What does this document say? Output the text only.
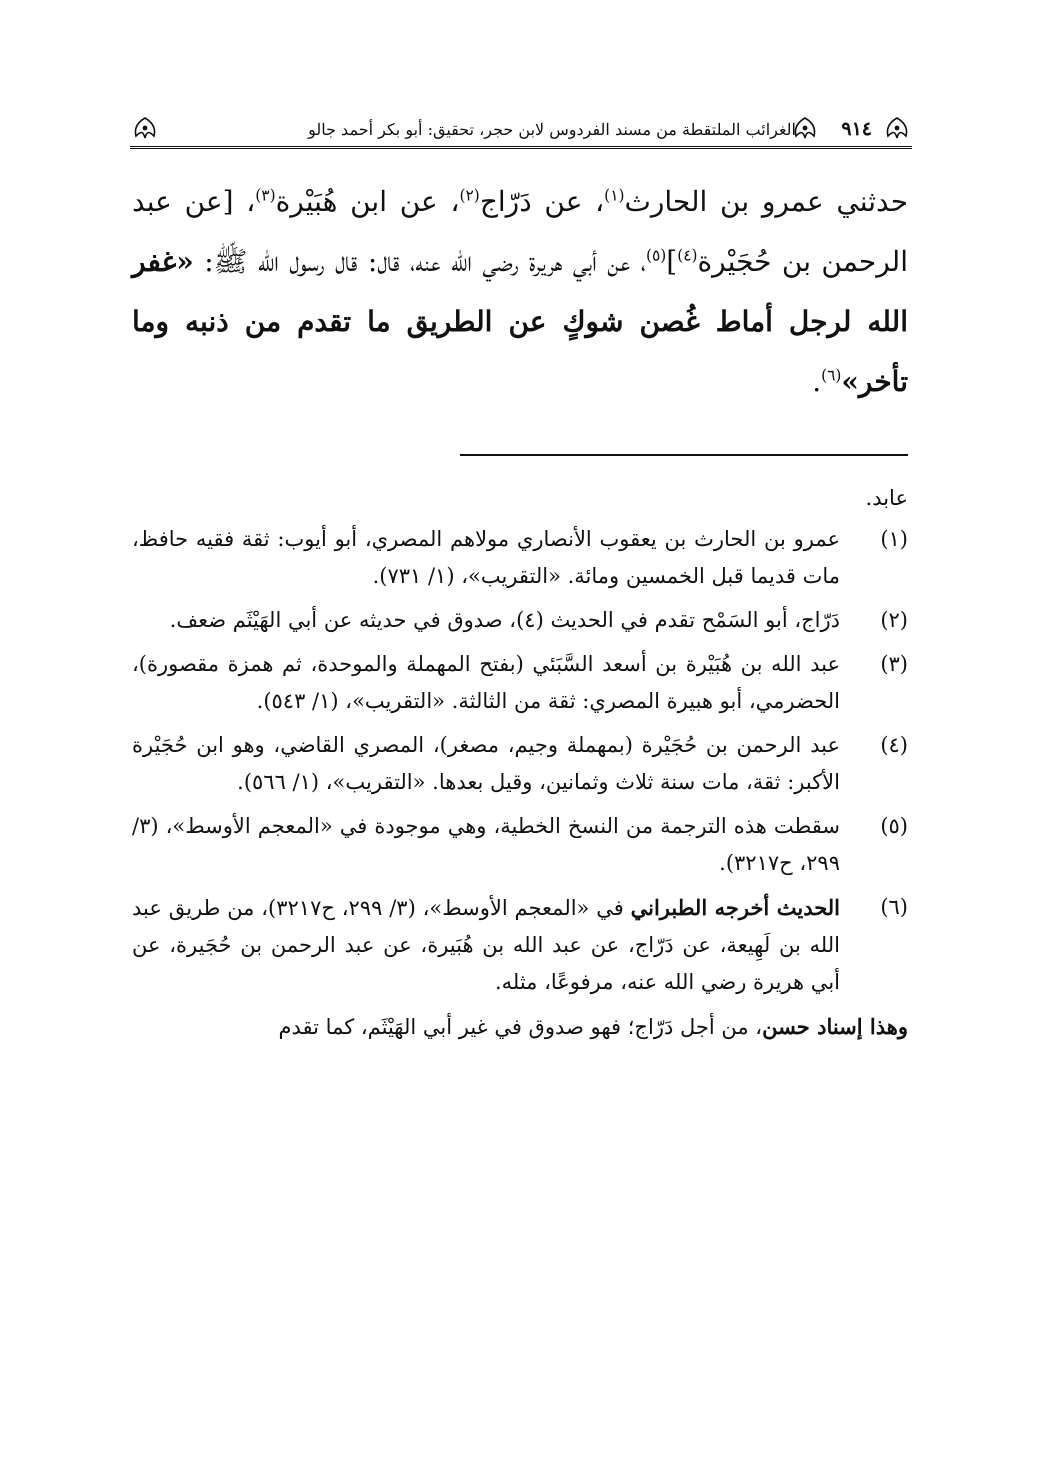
٩١٤
الغرائب الملتقطة من مسند الفردوس لابن حجر، تحقيق: أبو بكر أحمد جالو
حدثني عمرو بن الحارث$^{(١)}$، عن دَرّاج$^{(٢)}$، عن ابن هُبَيْرة$^{(٣)}$، [عن عبد الرحمن بن حُجَيْرة$^{(٤)}$]$^{(٥)}$، عن أبي هريرة رضي الله عنه، قال: قال رسول الله ﷺ: «غفر الله لرجل أماط غُصن شوكٍ عن الطريق ما تقدم من ذنبه وما تأخر»$^{(٦)}$.
عابد.
(١)
عمرو بن الحارث بن يعقوب الأنصاري مولاهم المصري، أبو أيوب: ثقة فقيه حافظ، مات قديما قبل الخمسين ومائة. «التقريب»، (١/ ٧٣١).
(٢)
دَرّاج، أبو السَمْح تقدم في الحديث (٤)، صدوق في حديثه عن أبي الهَيْثَم ضعف.
(٣)
عبد الله بن هُبَيْرة بن أسعد السَّبَئي (بفتح المهملة والموحدة، ثم همزة مقصورة)، الحضرمي، أبو هبيرة المصري: ثقة من الثالثة. «التقريب»، (١/ ٥٤٣).
(٤)
عبد الرحمن بن حُجَيْرة (بمهملة وجيم، مصغر)، المصري القاضي، وهو ابن حُجَيْرة الأكبر: ثقة، مات سنة ثلاث وثمانين، وقيل بعدها. «التقريب»، (١/ ٥٦٦).
(٥)
سقطت هذه الترجمة من النسخ الخطية، وهي موجودة في «المعجم الأوسط»، (٣/ ٢٩٩، ح٣٢١٧).
(٦)
الحديث أخرجه الطبراني في «المعجم الأوسط»، (٣/ ٢٩٩، ح٣٢١٧)، من طريق عبد الله بن لَهِيعة، عن دَرّاج، عن عبد الله بن هُبَيرة، عن عبد الرحمن بن حُجَيرة، عن أبي هريرة رضي الله عنه، مرفوعًا، مثله.
وهذا إسناد حسن، من أجل دَرّاج؛ فهو صدوق في غير أبي الهَيْثَم، كما تقدم
